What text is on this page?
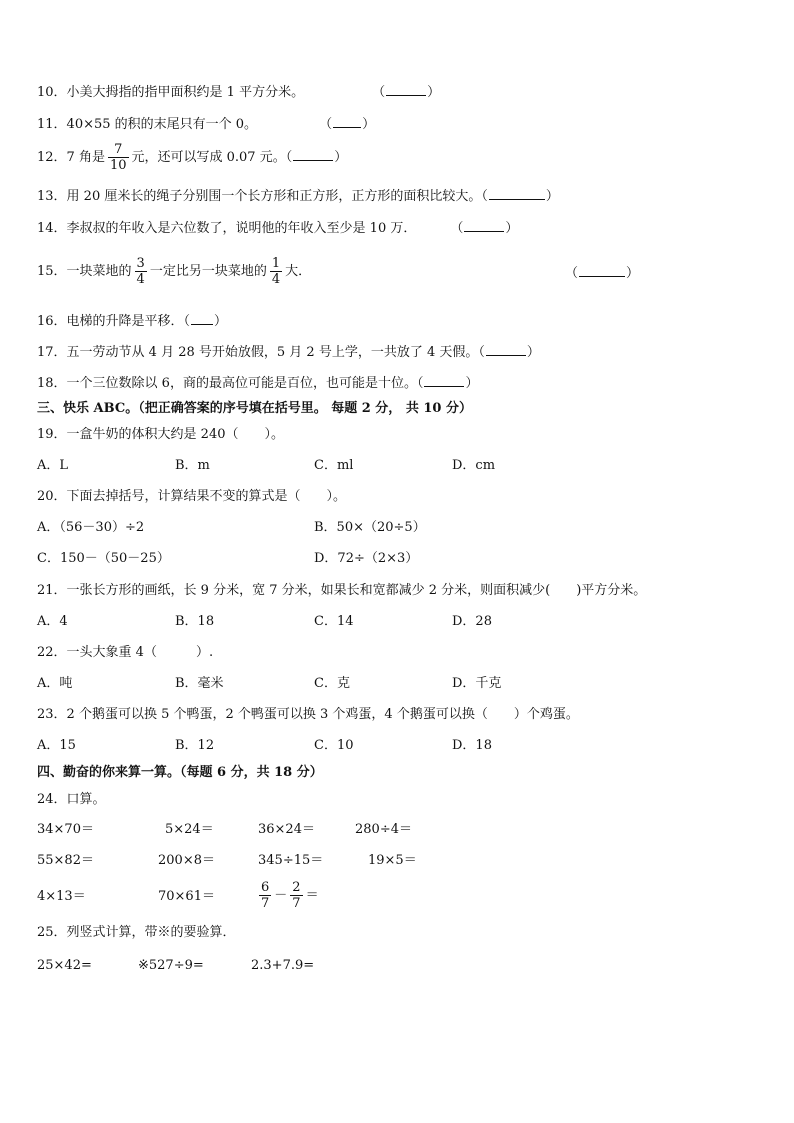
10．小美大拇指的指甲面积约是 1 平方分米。	（	）
11．40×55 的积的末尾只有一个 0。	（ ）
12．7 角是 $\frac{7}{10}$ 元，还可以写成 0.07 元。（	）
13．用 20 厘米长的绳子分别围一个长方形和正方形，正方形的面积比较大。（	）
14．李叔叔的年收入是六位数了，说明他的年收入至少是 10 万．	（	）
15．一块菜地的 $\frac{3}{4}$ 一定比另一块菜地的 $\frac{1}{4}$ 大．	（	）
16．电梯的升降是平移．（ ）
17．五一劳动节从 4 月 28 号开始放假，5 月 2 号上学，一共放了 4 天假。（	）
18．一个三位数除以 6，商的最高位可能是百位，也可能是十位。（	）
三、快乐 ABC。（把正确答案的序号填在括号里。 每题 2 分， 共 10 分）
19．一盒牛奶的体积大约是 240（　　）。
A．L	B．m	C．ml	D．cm
20．下面去掉括号，计算结果不变的算式是（　　）。
A．（56－30）÷2	B．50×（20÷5）
C．150－（50－25）	D．72÷（2×3）
21．一张长方形的画纸，长 9 分米，宽 7 分米，如果长和宽都减少 2 分米，则面积减少(　　)平方分米。
A．4	B．18	C．14	D．28
22．一头大象重 4（　　　）.
A．吨	B．毫米	C．克	D．千克
23．2 个鹅蛋可以换 5 个鸭蛋，2 个鸭蛋可以换 3 个鸡蛋，4 个鹅蛋可以换（　　）个鸡蛋。
A．15	B．12	C．10	D．18
四、勤奋的你来算一算。（每题 6 分，共 18 分）
24．口算。
34×70＝	5×24＝	36×24＝	280÷4＝
55×82＝	200×8＝	345÷15＝	19×5＝
4×13＝	70×61＝	$\frac{6}{7} - \frac{2}{7}$ ＝
25．列竖式计算，带※的要验算．
25×42=	※527÷9=	2.3+7.9=
